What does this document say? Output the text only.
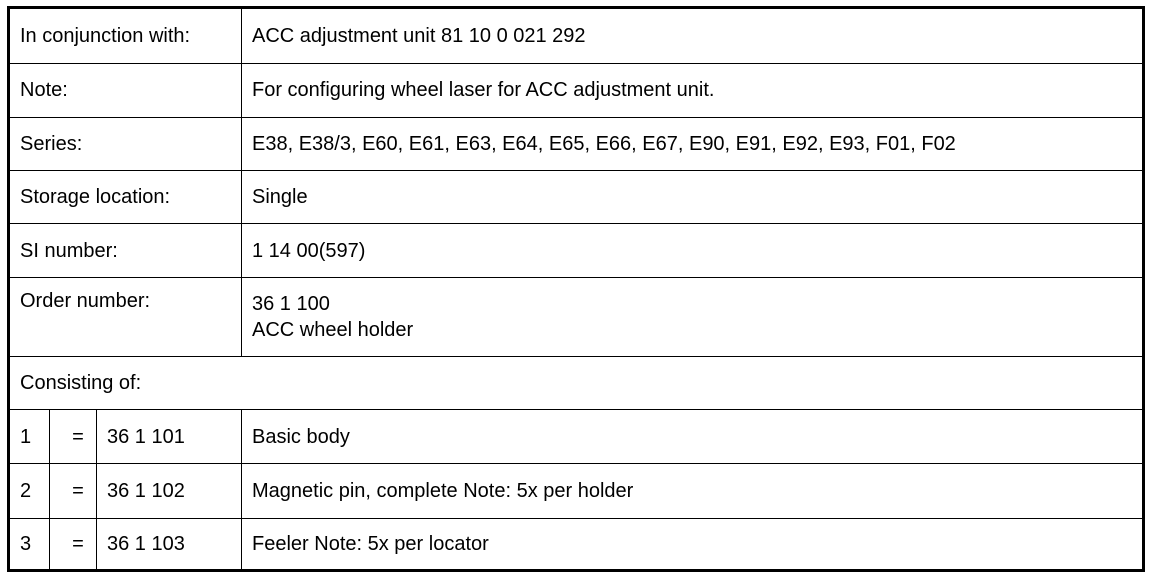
In conjunction with:			ACC adjustment unit 81 10 0 021 292
Note:			For configuring wheel laser for ACC adjustment unit.
Series:			E38, E38/3, E60, E61, E63, E64, E65, E66, E67, E90, E91, E92, E93, F01, F02
Storage location:			Single
SI number:			1 14 00(597)
Order number:			36 1 100
ACC wheel holder

Consisting of:			
1	=	36 1 101	Basic body
2	=	36 1 102	Magnetic pin, complete Note: 5x per holder
3	=	36 1 103	Feeler Note: 5x per locator
